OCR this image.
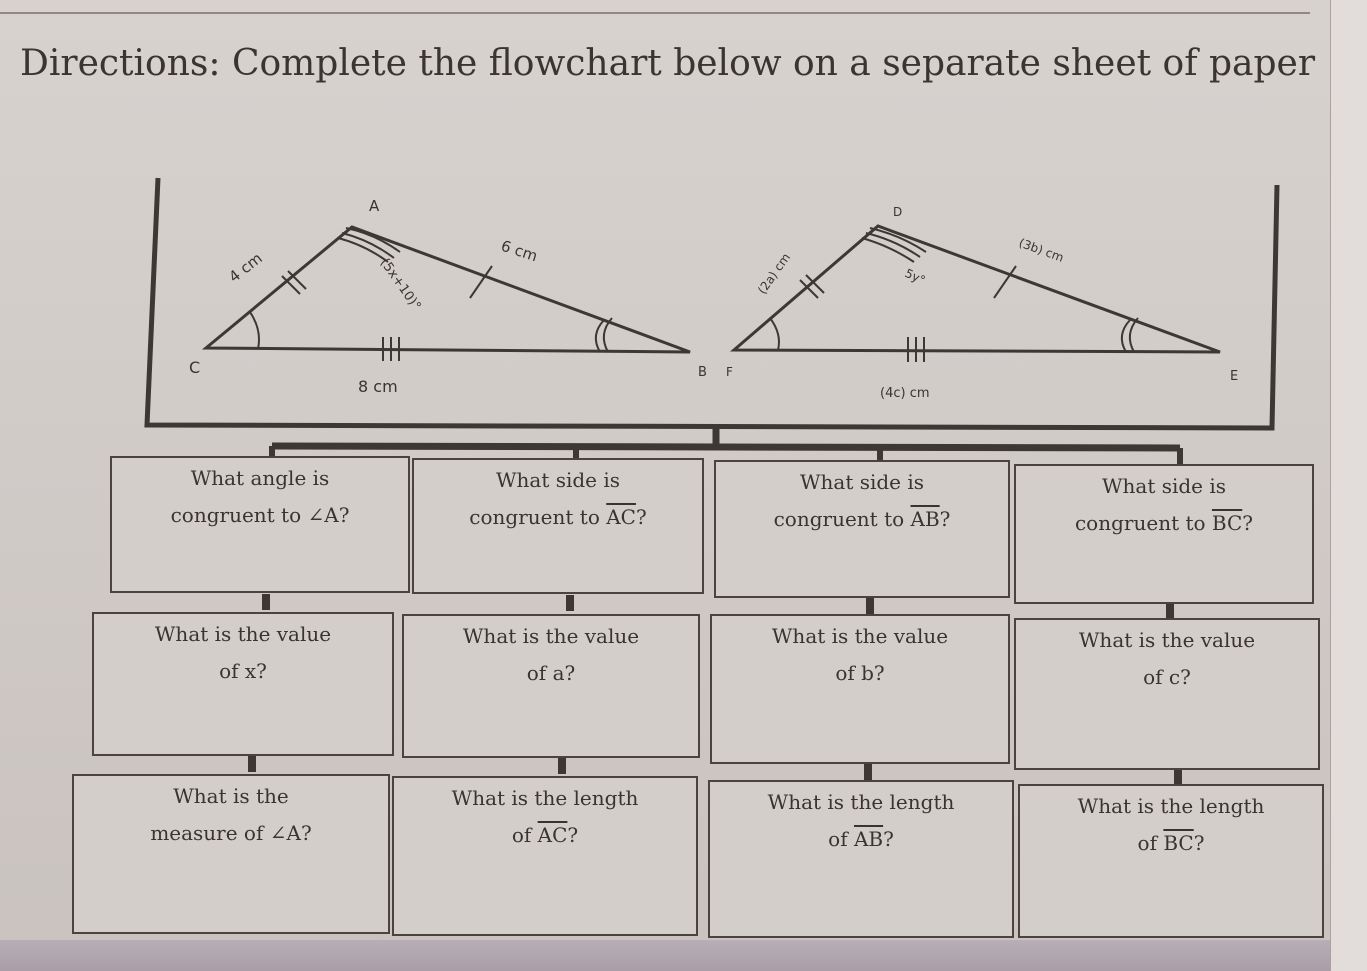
Directions: Complete the flowchart below on a separate sheet of paper
A
C	B
4 cm	6 cm
8 cm
(5x+10)°
D
F	E
(2a) cm
(3b) cm
(4c) cm
5y°
What angle is
congruent to ∠A?
What side is
congruent to $\overline{AC}$?
What side is
congruent to $\overline{AB}$?
What side is
congruent to $\overline{BC}$?
What is the value
of x?
What is the value
of a?
What is the value
of b?
What is the value
of c?
What is the
measure of ∠A?
What is the length
of $\overline{AC}$?
What is the length
of $\overline{AB}$?
What is the length
of $\overline{BC}$?
